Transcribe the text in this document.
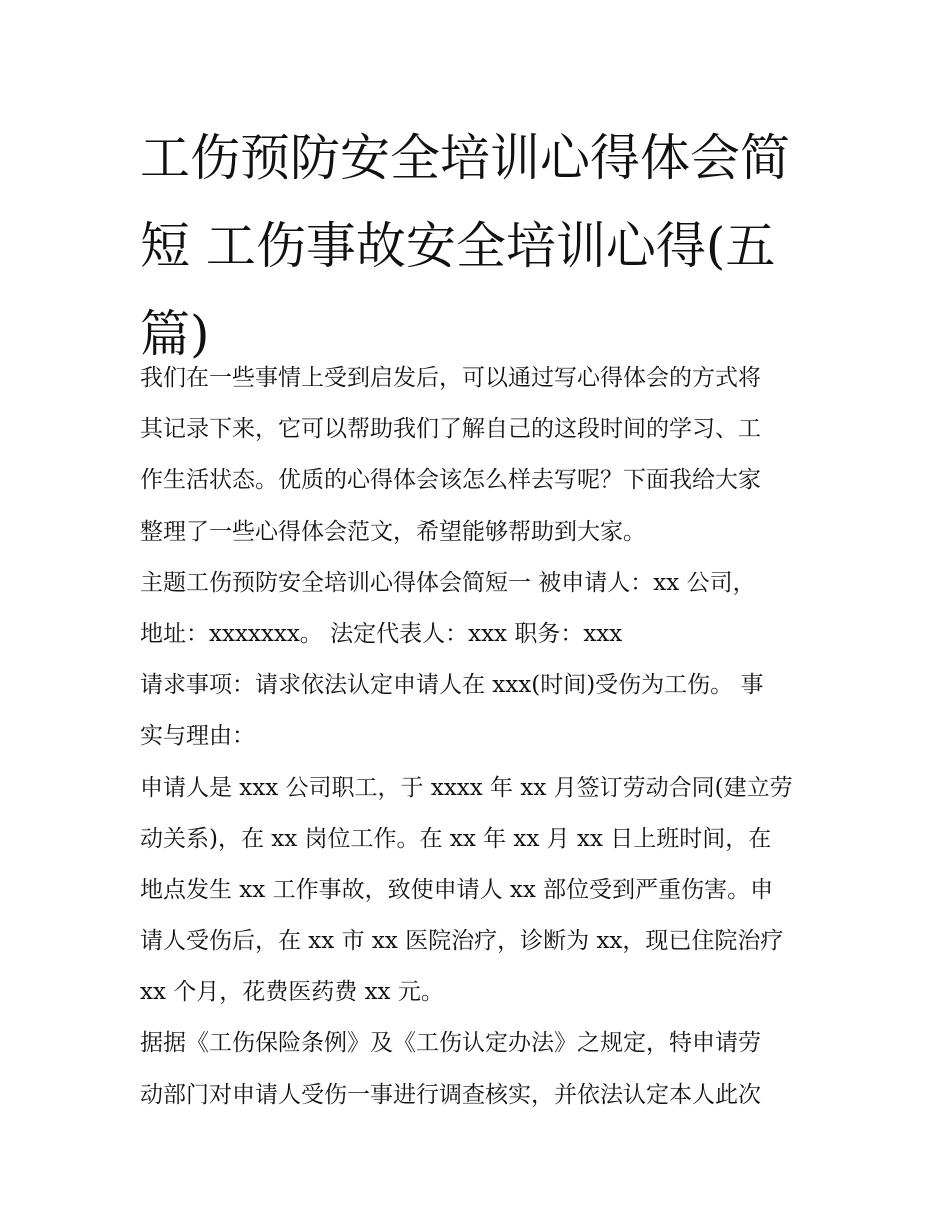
工伤预防安全培训心得体会简
短 工伤事故安全培训心得(五
篇)
我们在一些事情上受到启发后，可以通过写心得体会的方式将
其记录下来，它可以帮助我们了解自己的这段时间的学习、工
作生活状态。优质的心得体会该怎么样去写呢？下面我给大家
整理了一些心得体会范文，希望能够帮助到大家。
主题工伤预防安全培训心得体会简短一 被申请人：xx 公司，
地址：xxxxxxx。 法定代表人：xxx 职务：xxx
请求事项：请求依法认定申请人在 xxx(时间)受伤为工伤。 事
实与理由：
申请人是 xxx 公司职工，于 xxxx 年 xx 月签订劳动合同(建立劳
动关系)，在 xx 岗位工作。在 xx 年 xx 月 xx 日上班时间，在
地点发生 xx 工作事故，致使申请人 xx 部位受到严重伤害。申
请人受伤后，在 xx 市 xx 医院治疗，诊断为 xx，现已住院治疗
xx 个月，花费医药费 xx 元。
据据《工伤保险条例》及《工伤认定办法》之规定，特申请劳
动部门对申请人受伤一事进行调查核实，并依法认定本人此次
